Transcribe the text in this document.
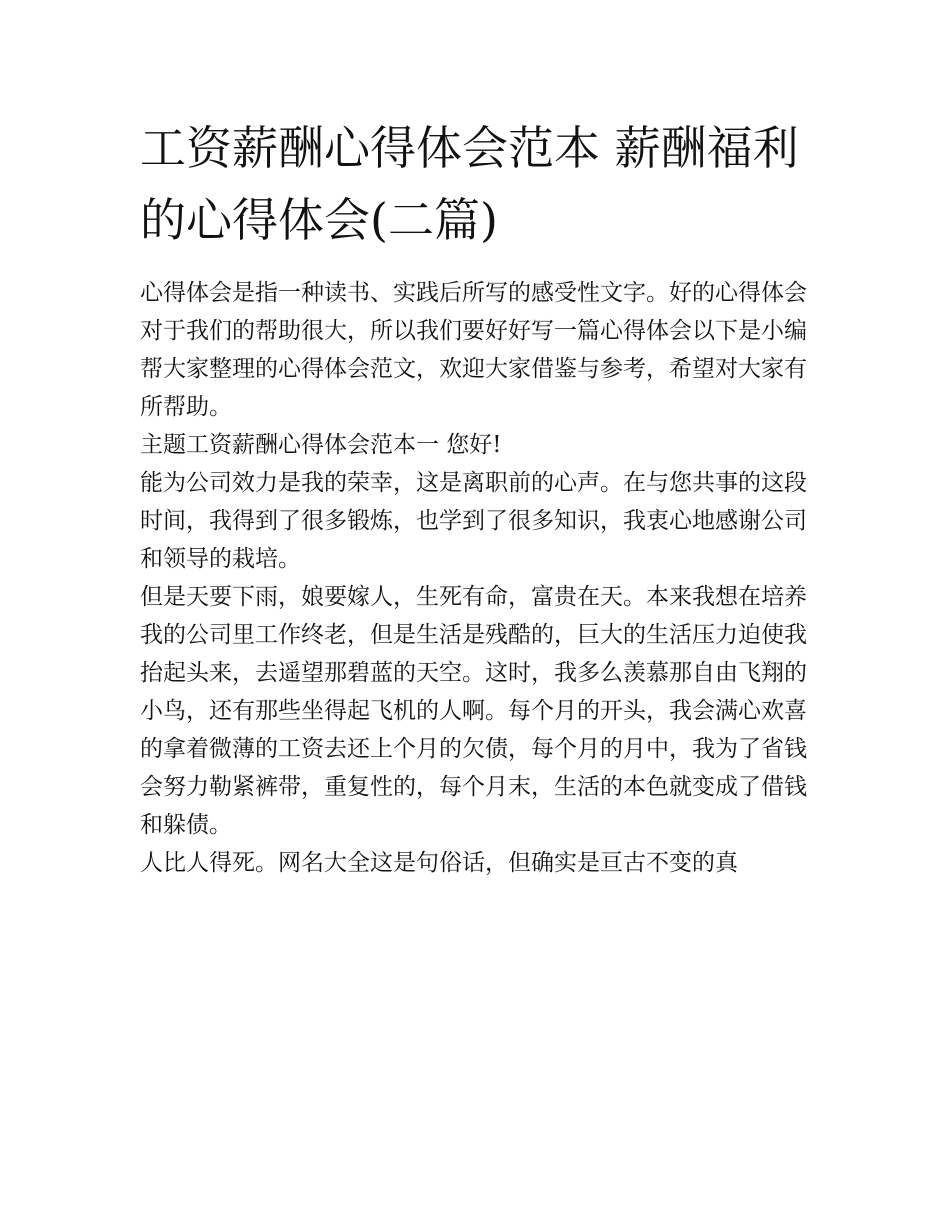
工资薪酬心得体会范本 薪酬福利的心得体会(二篇)

心得体会是指一种读书、实践后所写的感受性文字。好的心得体会对于我们的帮助很大，所以我们要好好写一篇心得体会以下是小编帮大家整理的心得体会范文，欢迎大家借鉴与参考，希望对大家有所帮助。

主题工资薪酬心得体会范本一 您好!

能为公司效力是我的荣幸，这是离职前的心声。在与您共事的这段时间，我得到了很多锻炼，也学到了很多知识，我衷心地感谢公司和领导的栽培。

但是天要下雨，娘要嫁人，生死有命，富贵在天。本来我想在培养我的公司里工作终老，但是生活是残酷的，巨大的生活压力迫使我抬起头来，去遥望那碧蓝的天空。这时，我多么羡慕那自由飞翔的小鸟，还有那些坐得起飞机的人啊。每个月的开头，我会满心欢喜的拿着微薄的工资去还上个月的欠债，每个月的月中，我为了省钱会努力勒紧裤带，重复性的，每个月末，生活的本色就变成了借钱和躲债。

人比人得死。网名大全这是句俗话，但确实是亘古不变的真
